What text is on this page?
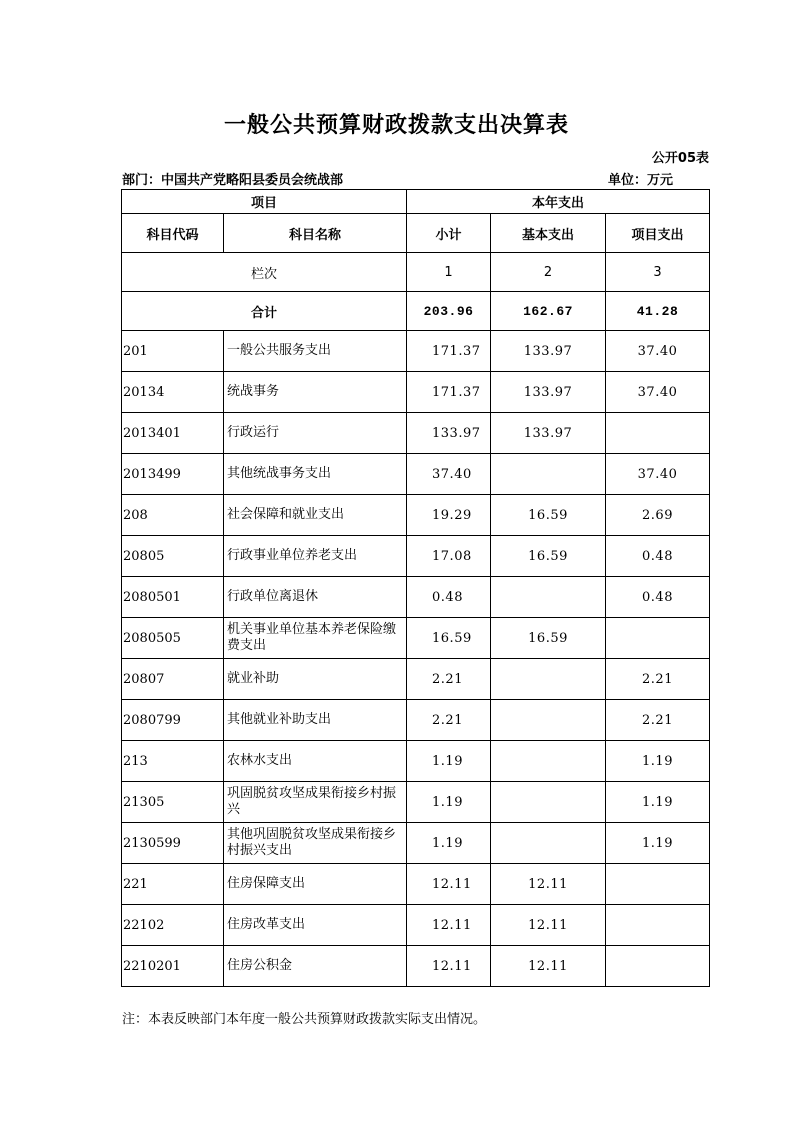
一般公共预算财政拨款支出决算表
公开05表
部门：中国共产党略阳县委员会统战部	单位：万元
项目		本年支出		
科目代码	科目名称	小计	基本支出	项目支出
栏次		1	2	3
合计		203.96	162.67	41.28
201	一般公共服务支出	171.37	133.97	37.40
20134	统战事务	171.37	133.97	37.40
2013401	行政运行	133.97	133.97	
2013499	其他统战事务支出	37.40		37.40
208	社会保障和就业支出	19.29	16.59	2.69
20805	行政事业单位养老支出	17.08	16.59	0.48
2080501	行政单位离退休	0.48		0.48
2080505	机关事业单位基本养老保险缴费支出	16.59	16.59	
20807	就业补助	2.21		2.21
2080799	其他就业补助支出	2.21		2.21
213	农林水支出	1.19		1.19
21305	巩固脱贫攻坚成果衔接乡村振兴	1.19		1.19
2130599	其他巩固脱贫攻坚成果衔接乡村振兴支出	1.19		1.19
221	住房保障支出	12.11	12.11	
22102	住房改革支出	12.11	12.11	
2210201	住房公积金	12.11	12.11	
注：本表反映部门本年度一般公共预算财政拨款实际支出情况。
